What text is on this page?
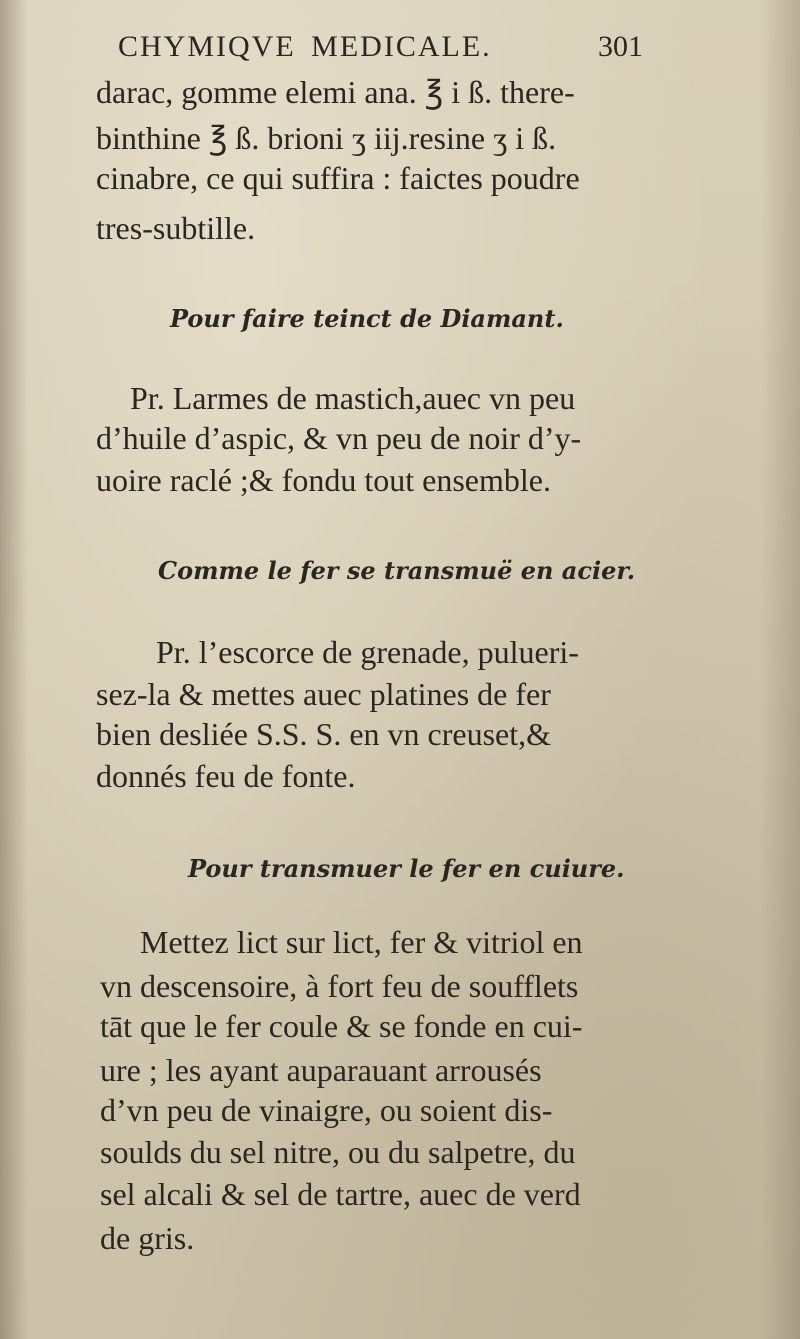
CHYMIQVE MEDICALE.	301
darac, gomme elemi ana. ℥ i ß. there-
binthine ℥ ß. brioni ʒ iij.resine ʒ i ß.
cinabre, ce qui suffira : faictes poudre
tres-subtille.
Pour faire teinct de Diamant.
Pr. Larmes de mastich,auec vn peu
d’huile d’aspic, & vn peu de noir d’y-
uoire raclé ;& fondu tout ensemble.
Comme le fer se transmuë en acier.
Pr. l’escorce de grenade, pulueri-
sez-la & mettes auec platines de fer
bien desliée S.S. S. en vn creuset,&
donnés feu de fonte.
Pour transmuer le fer en cuiure.
Mettez lict sur lict, fer & vitriol en
vn descensoire, à fort feu de soufflets
tāt que le fer coule & se fonde en cui-
ure ; les ayant auparauant arrousés
d’vn peu de vinaigre, ou soient dis-
soulds du sel nitre, ou du salpetre, du
sel alcali & sel de tartre, auec de verd
de gris.
